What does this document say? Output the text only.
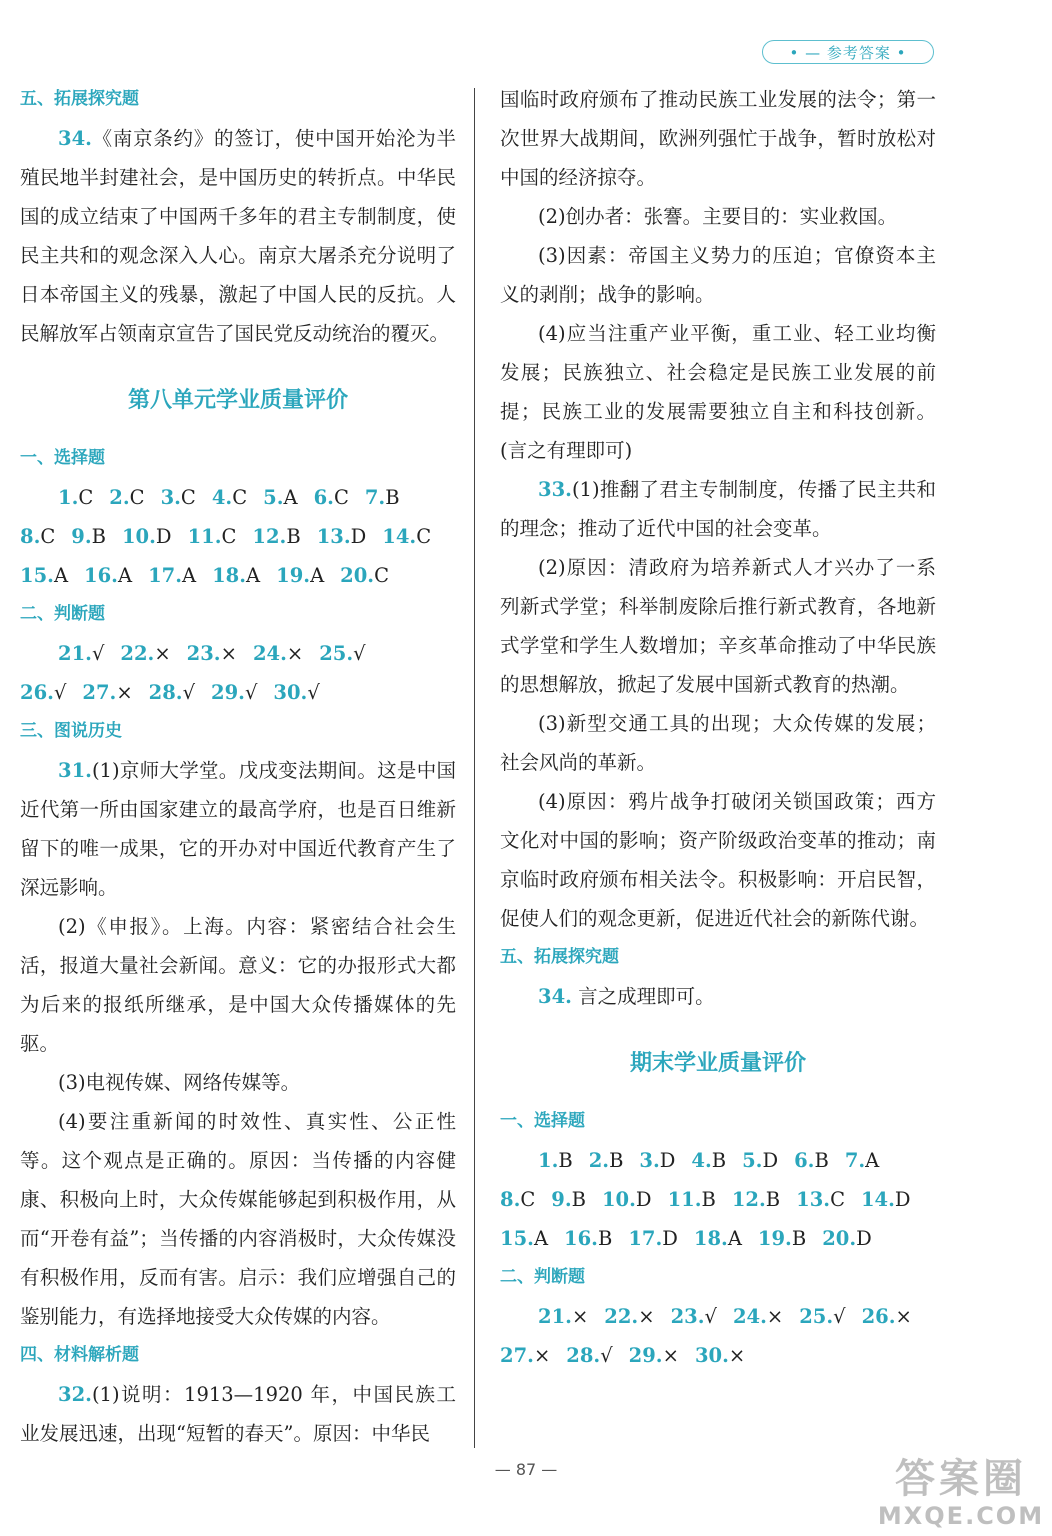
• — 参考答案 •
五、拓展探究题

34.《南京条约》的签订，使中国开始沦为半殖民地半封建社会，是中国历史的转折点。中华民国的成立结束了中国两千多年的君主专制制度，使民主共和的观念深入人心。南京大屠杀充分说明了日本帝国主义的残暴，激起了中国人民的反抗。人民解放军占领南京宣告了国民党反动统治的覆灭。

第八单元学业质量评价
一、选择题
1.C 2.C 3.C 4.C 5.A 6.C 7.B
8.C 9.B 10.D 11.C 12.B 13.D 14.C
15.A 16.A 17.A 18.A 19.A 20.C
二、判断题
21.√ 22.× 23.× 24.× 25.√
26.√ 27.× 28.√ 29.√ 30.√
三、图说历史

31.(1)京师大学堂。戊戌变法期间。这是中国近代第一所由国家建立的最高学府，也是百日维新留下的唯一成果，它的开办对中国近代教育产生了深远影响。

(2)《申报》。上海。内容：紧密结合社会生活，报道大量社会新闻。意义：它的办报形式大都为后来的报纸所继承，是中国大众传播媒体的先驱。

(3)电视传媒、网络传媒等。

(4)要注重新闻的时效性、真实性、公正性等。这个观点是正确的。原因：当传播的内容健康、积极向上时，大众传媒能够起到积极作用，从而“开卷有益”；当传播的内容消极时，大众传媒没有积极作用，反而有害。启示：我们应增强自己的鉴别能力，有选择地接受大众传媒的内容。

四、材料解析题

32.(1)说明：1913—1920 年，中国民族工业发展迅速，出现“短暂的春天”。原因：中华民

国临时政府颁布了推动民族工业发展的法令；第一次世界大战期间，欧洲列强忙于战争，暂时放松对中国的经济掠夺。

(2)创办者：张謇。主要目的：实业救国。

(3)因素：帝国主义势力的压迫；官僚资本主义的剥削；战争的影响。

(4)应当注重产业平衡，重工业、轻工业均衡发展；民族独立、社会稳定是民族工业发展的前提；民族工业的发展需要独立自主和科技创新。(言之有理即可)

33.(1)推翻了君主专制制度，传播了民主共和的理念；推动了近代中国的社会变革。

(2)原因：清政府为培养新式人才兴办了一系列新式学堂；科举制废除后推行新式教育，各地新式学堂和学生人数增加；辛亥革命推动了中华民族的思想解放，掀起了发展中国新式教育的热潮。

(3)新型交通工具的出现；大众传媒的发展；社会风尚的革新。

(4)原因：鸦片战争打破闭关锁国政策；西方文化对中国的影响；资产阶级政治变革的推动；南京临时政府颁布相关法令。积极影响：开启民智，促使人们的观念更新，促进近代社会的新陈代谢。

五、拓展探究题

34. 言之成理即可。

期末学业质量评价
一、选择题
1.B 2.B 3.D 4.B 5.D 6.B 7.A
8.C 9.B 10.D 11.B 12.B 13.C 14.D
15.A 16.B 17.D 18.A 19.B 20.D
二、判断题
21.× 22.× 23.√ 24.× 25.√ 26.×
27.× 28.√ 29.× 30.×
— 87 —	答案圈
MXQE.COM
